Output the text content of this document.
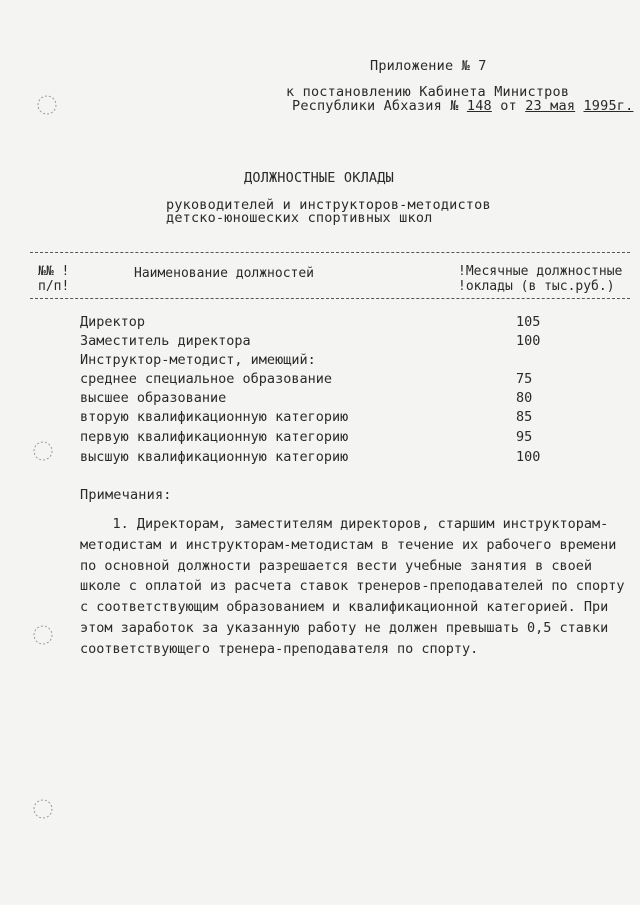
Приложение № 7
к постановлению Кабинета Министров
Республики Абхазия № 148 от 23 мая 1995г.
ДОЛЖНОСТНЫЕ ОКЛАДЫ
руководителей и инструкторов-методистов
детско-юношеских спортивных школ
№№ !
п/п!
Наименование должностей	!Месячные должностные
!оклады (в тыс.руб.)
Директор	105
Заместитель директора	100
Инструктор-методист, имеющий:
среднее специальное образование	75
высшее образование	80
вторую квалификационную категорию	85
первую квалификационную категорию	95
высшую квалификационную категорию	100
Примечания:
1. Директорам, заместителям директоров, старшим инструкторам-
методистам и инструкторам-методистам в течение их рабочего времени
по основной должности разрешается вести учебные занятия в своей
школе с оплатой из расчета ставок тренеров-преподавателей по спорту
с соответствующим образованием и квалификационной категорией. При
этом заработок за указанную работу не должен превышать 0,5 ставки
соответствующего тренера-преподавателя по спорту.
